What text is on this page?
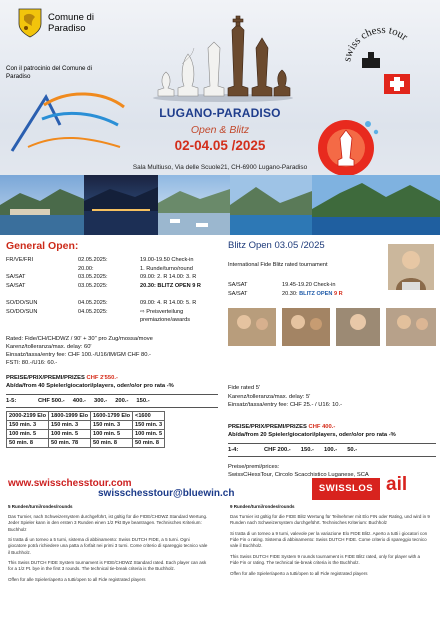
Comune di Paradiso
Con il patrocinio del Comune di Paradiso
swiss chess tour
LUGANO-PARADISO
Open & Blitz
02-04.05 /2025
Sala Multiuso, Via delle Scuole21, CH-6900 Lugano-Paradiso
General Open:
FR/VE/FRI	02.05.2025:	19.00-19.50 Check-in
20.00:	1. Runde/turno/round
SA/SAT	03.05.2025:	09.00: 2. R 14.00: 3. R
SA/SAT	03.05.2025:	20.30: BLITZ OPEN 9 R
SO/DO/SUN	04.05.2025:	09.00: 4. R 14.00: 5. R
SO/DO/SUN	04.05.2025:	⇨ Preisverteilung
premiazione/awards
Rated: Fide/CH/CHDWZ / 90' + 30'' pro Zug/mossa/move
Karenz/tolleranza/max. delay: 60'
Einsatz/tassa/entry fee: CHF 100.-/U16/IM/GM CHF 80.-
FSTI: 80.-/U16: 60.-
PREISE/PRIX/PREMI/PRIZES CHF 2'550.-
Ab/da/from 40 Spieler/giocatori/players, oder/o/or pro rata -%
1-5:	CHF 500.- 400.- 300.- 200.- 150.-
2000-2199 Elo	1800-1999 Elo	1600-1799 Elo	<1600
150 min. 3	150 min. 3	150 min. 3	150 min. 3
100 min. 5	100 min. 5	100 min. 5	100 min. 5
50 min. 8	50 min. 78	50 min. 8	50 min. 8
Blitz Open 03.05 /2025
International Fide Blitz rated tournament
SA/SAT	19.45-19.20 Check-in
SA/SAT	20.30: BLITZ OPEN 9 R
Fide rated 5'
Karenz/tolleranza/max. delay: 5'
Einsatz/tassa/entry fee: CHF 25.- / U16: 10.-
PREISE/PRIX/PREMI/PRIZES CHF 400.-
Ab/da/from 20 Spieler/giocatori/players, oder/o/or pro rata -%
1-4:	CHF 200.- 150.- 100.- 50.-
Preise/premi/prices:
SwissCHessTour, Circolo Scacchistico Luganese, SCA
www.swisschesstour.com
swisschesstour@bluewin.ch	SWISSLOS ail
5 Runden/turni/rondes/rounds

Das Turnier, nach Schweizersystem durchgeführt, ist gültig für die FIDE/CHDWZ Standard Wertung. Jeder Spieler kann in den ersten 3 Runden einen 1/2 Pkt Bye beantragen. Technisches Kriterium: Buchholz

Si tratta di un torneo a 5 turni, sistema di abbinamento: Swiss DUTCH FIDE, a 5 turni. Ogni giocatore potrà richiedere una patta a forfait nei primi 3 turni. Come criterio di spareggio tecnico vale il Buchholz.

This Swiss DUTCH FIDE System tournament is FIDE/CHDWZ Standard rated. Each player can ask for a 1/2 Pt. bye in the first 3 rounds. The technical tie-break criteria is the Buchholz.

Offen für alle Spieler/aperto a tutti/open to all Fide registrated players

9 Runden/turni/rondes/rounds

Das Turnier ist gültig für die FIDE Blitz Wertung für Teilnehmer mit Elo FIN oder Rating, und wird in 9 Runden nach Schweizersystem durchgeführt. Technisches Kriterium: Buchholz

Si tratta di un torneo a 9 turni, valevole per la variazione Elo FIDE Blitz. Aperto a tutti i giocatori con Fide Fin o rating. Sistema di abbinamento: Swiss DUTCH FIDE. Come criterio di spareggio tecnico vale il Buchholz.

This Swiss DUTCH FIDE System 9 rounds tournament is FIDE Blitz rated, only for player with a Fide Fin or rating. The technical tie-break criteria is the Buchholz.

Offen für alle Spieler/aperto a tutti/open to all Fide registrated players
